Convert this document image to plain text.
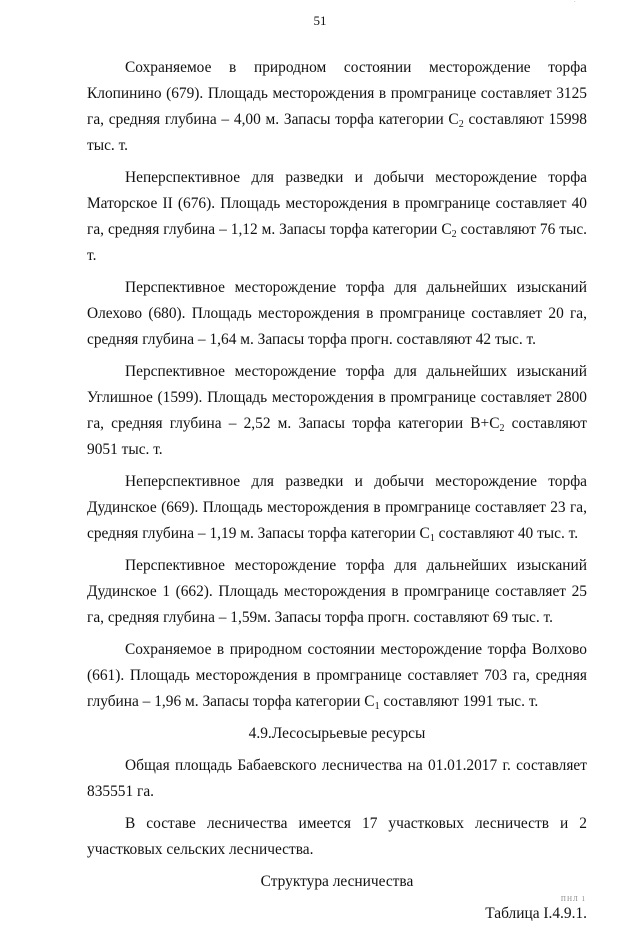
·
51

Сохраняемое в природном состоянии месторождение торфа Клопинино (679). Площадь месторождения в промгранице составляет 3125 га, средняя глубина – 4,00 м. Запасы торфа категории $С_2$ составляют 15998 тыс. т.

Неперспективное для разведки и добычи месторождение торфа Маторское II (676). Площадь месторождения в промгранице составляет 40 га, средняя глубина – 1,12 м. Запасы торфа категории $С_2$ составляют 76 тыс. т.

Перспективное месторождение торфа для дальнейших изысканий Олехово (680). Площадь месторождения в промгранице составляет 20 га, средняя глубина – 1,64 м. Запасы торфа прогн. составляют 42 тыс. т.

Перспективное месторождение торфа для дальнейших изысканий Углишное (1599). Площадь месторождения в промгранице составляет 2800 га, средняя глубина – 2,52 м. Запасы торфа категории $В+С_2$ составляют 9051 тыс. т.

Неперспективное для разведки и добычи месторождение торфа Дудинское (669). Площадь месторождения в промгранице составляет 23 га, средняя глубина – 1,19 м. Запасы торфа категории $С_1$ составляют 40 тыс. т.

Перспективное месторождение торфа для дальнейших изысканий Дудинское 1 (662). Площадь месторождения в промгранице составляет 25 га, средняя глубина – 1,59м. Запасы торфа прогн. составляют 69 тыс. т.

Сохраняемое в природном состоянии месторождение торфа Волхово (661). Площадь месторождения в промгранице составляет 703 га, средняя глубина – 1,96 м. Запасы торфа категории $С_1$ составляют 1991 тыс. т.

4.9.Лесосырьевые ресурсы

Общая площадь Бабаевского лесничества на 01.01.2017 г. составляет 835551 га.

В составе лесничества имеется 17 участковых лесничеств и 2 участковых сельских лесничества.

Структура лесничества

Таблица I.4.9.1.

ПНЛ 1
